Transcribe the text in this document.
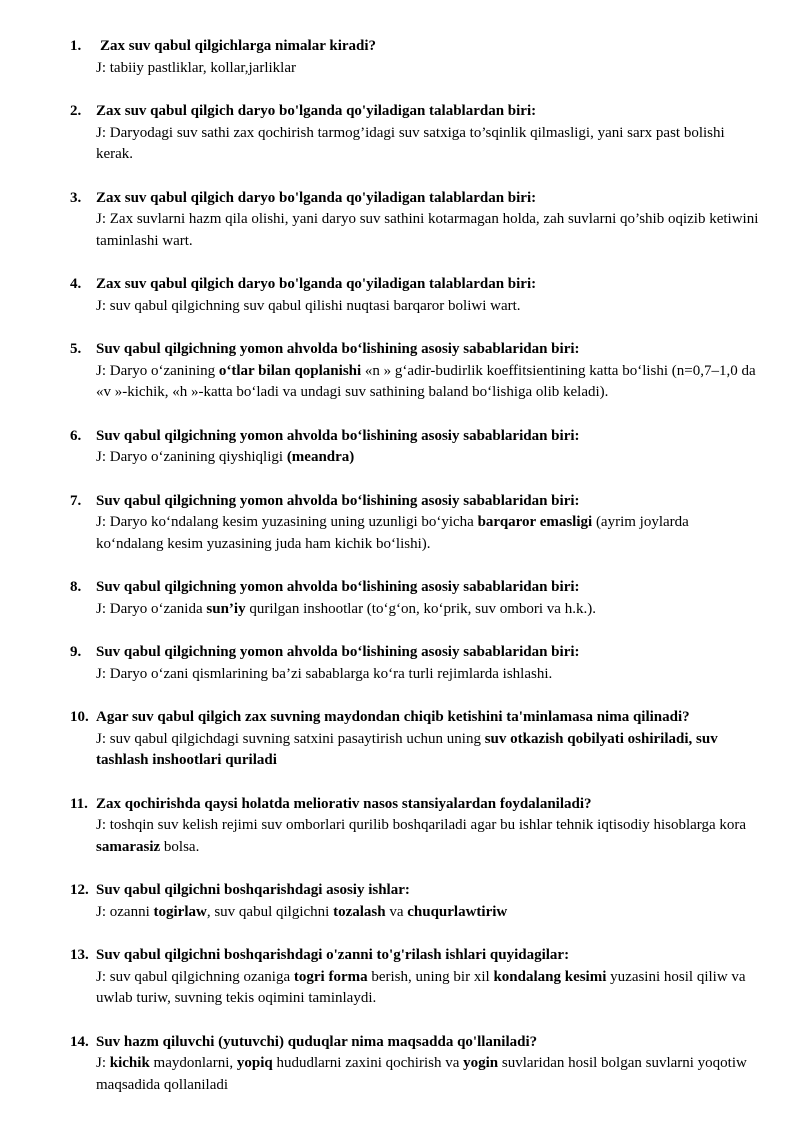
1. Zax suv qabul qilgichlarga nimalar kiradi?
J: tabiiy pastliklar, kollar,jarliklar
2. Zax suv qabul qilgich daryo bo'lganda qo'yiladigan talablardan biri:
J: Daryodagi suv sathi zax qochirish tarmog’idagi suv satxiga to’sqinlik qilmasligi, yani sarx past bolishi kerak.
3. Zax suv qabul qilgich daryo bo'lganda qo'yiladigan talablardan biri:
J: Zax suvlarni hazm qila olishi, yani daryo suv sathini kotarmagan holda, zah suvlarni qo’shib oqizib ketiwini taminlashi wart.
4. Zax suv qabul qilgich daryo bo'lganda qo'yiladigan talablardan biri:
J: suv qabul qilgichning suv qabul qilishi nuqtasi barqaror boliwi wart.
5. Suv qabul qilgichning yomon ahvolda bo‘lishining asosiy sabablaridan biri:
J: Daryo o‘zanining o‘tlar bilan qoplanishi «n » g‘adir-budirlik koeffitsientining katta bo‘lishi (n=0,7–1,0 da «v »-kichik, «h »-katta bo‘ladi va undagi suv sathining baland bo‘lishiga olib keladi).
6. Suv qabul qilgichning yomon ahvolda bo‘lishining asosiy sabablaridan biri:
J: Daryo o‘zanining qiyshiqligi (meandra)
7. Suv qabul qilgichning yomon ahvolda bo‘lishining asosiy sabablaridan biri:
J: Daryo ko‘ndalang kesim yuzasining uning uzunligi bo‘yicha barqaror emasligi (ayrim joylarda ko‘ndalang kesim yuzasining juda ham kichik bo‘lishi).
8. Suv qabul qilgichning yomon ahvolda bo‘lishining asosiy sabablaridan biri:
J: Daryo o‘zanida sun’iy qurilgan inshootlar (to‘g‘on, ko‘prik, suv ombori va h.k.).
9. Suv qabul qilgichning yomon ahvolda bo‘lishining asosiy sabablaridan biri:
J: Daryo o‘zani qismlarining ba’zi sabablarga ko‘ra turli rejimlarda ishlashi.
10. Agar suv qabul qilgich zax suvning maydondan chiqib ketishini ta'minlamasa nima qilinadi?
J: suv qabul qilgichdagi suvning satxini pasaytirish uchun uning suv otkazish qobilyati oshiriladi, suv tashlash inshootlari quriladi
11. Zax qochirishda qaysi holatda meliorativ nasos stansiyalardan foydalaniladi?
J: toshqin suv kelish rejimi suv omborlari qurilib boshqariladi agar bu ishlar tehnik iqtisodiy hisoblarga kora samarasiz bolsa.
12. Suv qabul qilgichni boshqarishdagi asosiy ishlar:
J: ozanni togirlaw, suv qabul qilgichni tozalash va chuqurlawtiriw
13. Suv qabul qilgichni boshqarishdagi o'zanni to'g'rilash ishlari quyidagilar:
J: suv qabul qilgichning ozaniga togri forma berish, uning bir xil kondalang kesimi yuzasini hosil qiliw va uwlab turiw, suvning tekis oqimini taminlaydi.
14. Suv hazm qiluvchi (yutuvchi) quduqlar nima maqsadda qo'llaniladi?
J: kichik maydonlarni, yopiq hududlarni zaxini qochirish va yogin suvlaridan hosil bolgan suvlarni yoqotiw maqsadida qollaniladi
